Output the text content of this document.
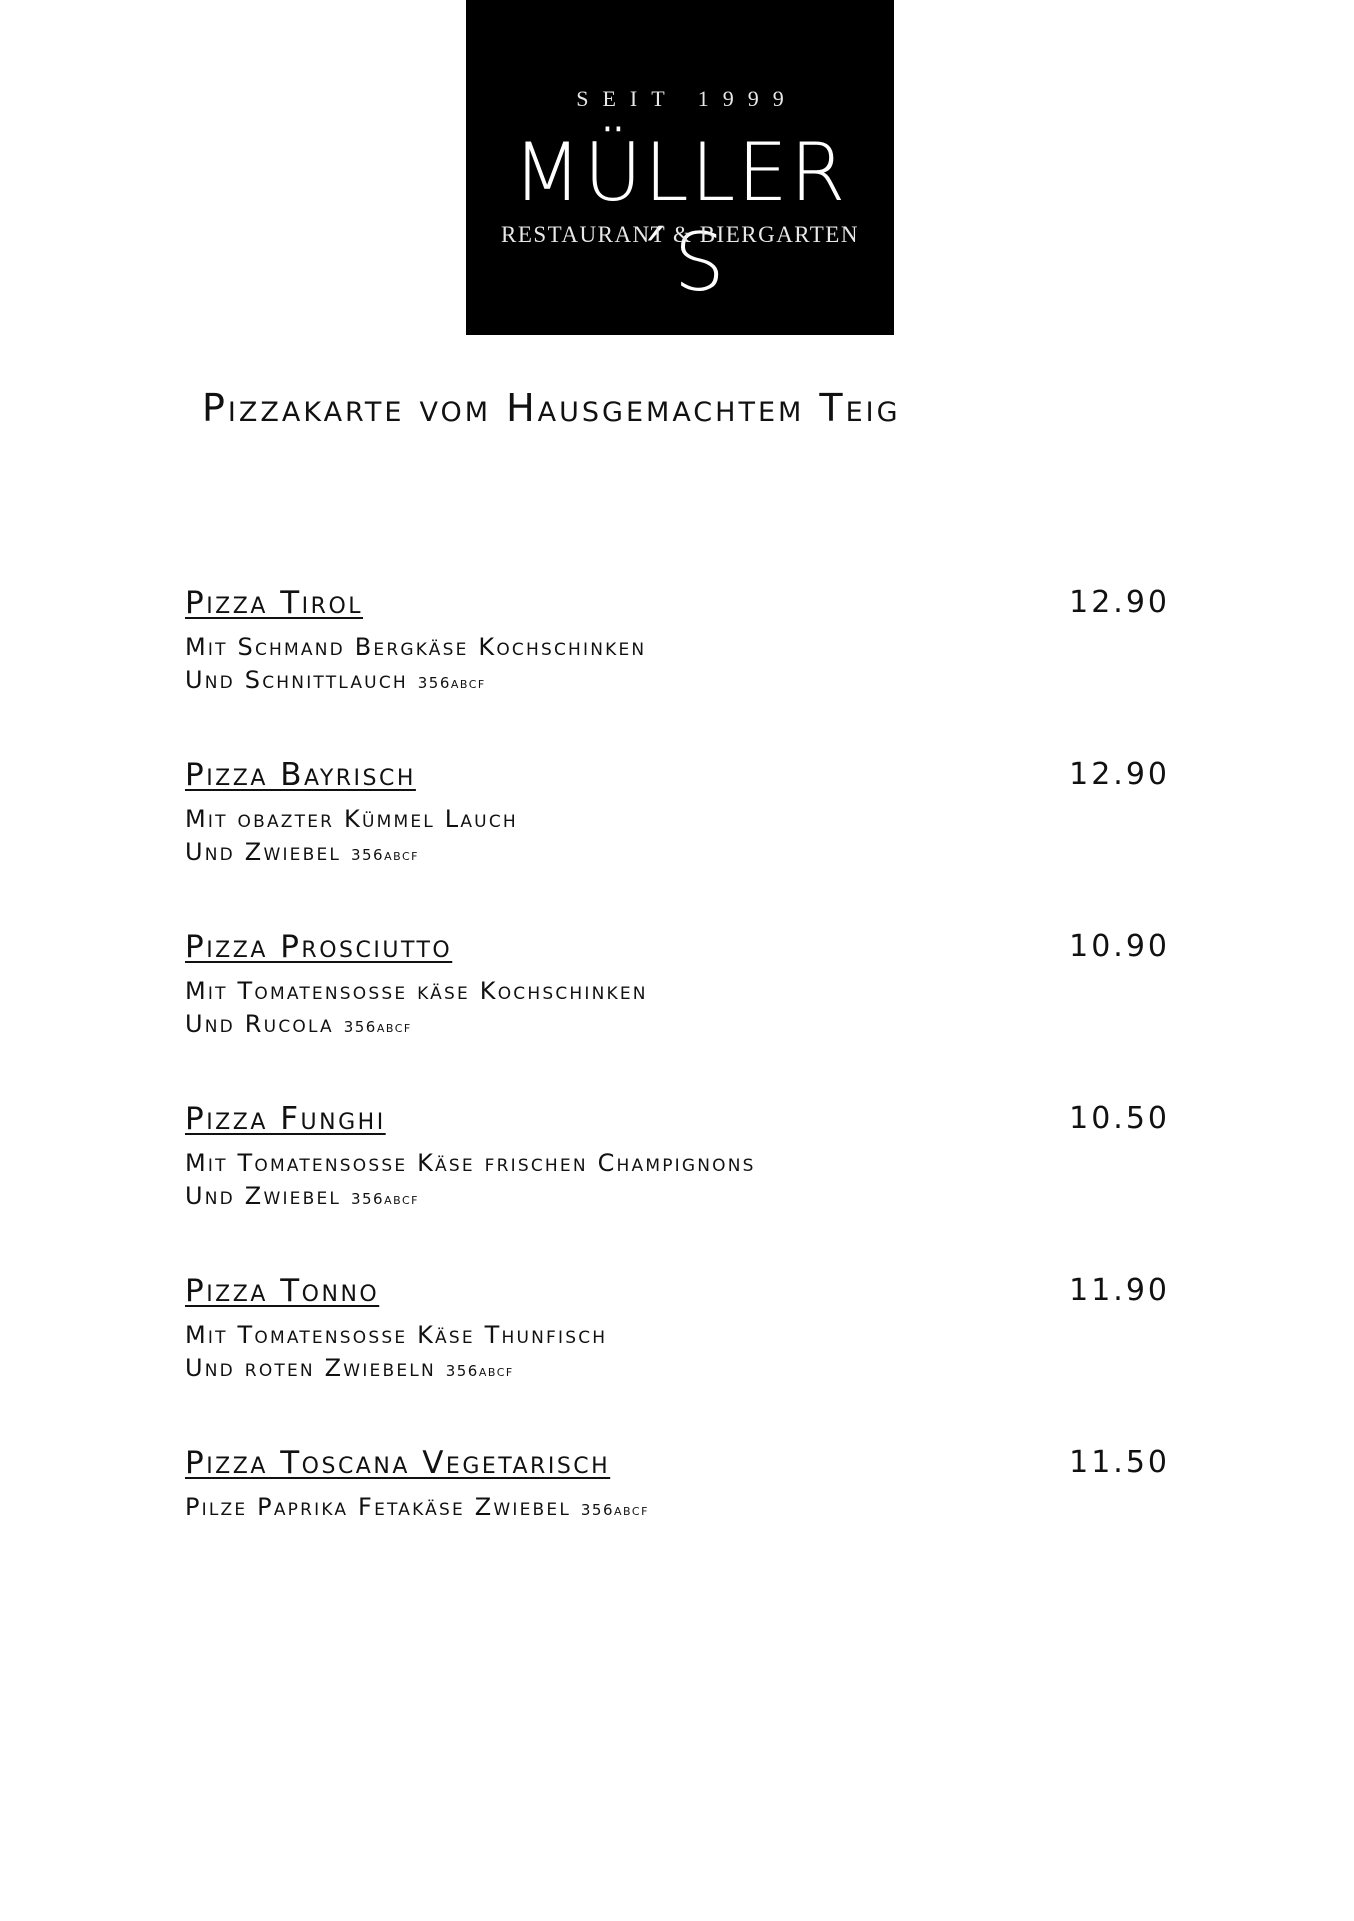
SEIT 1999
MÜLLER´S
RESTAURANT & BIERGARTEN
Pizzakarte vom Hausgemachtem Teig
Pizza Tirol	12.90
Mit Schmand Bergkäse Kochschinken
Und Schnittlauch 356abcf
Pizza Bayrisch	12.90
Mit obazter Kümmel Lauch
Und Zwiebel 356abcf
Pizza Prosciutto	10.90
Mit Tomatensosse käse Kochschinken
Und Rucola 356abcf
Pizza Funghi	10.50
Mit Tomatensosse Käse frischen Champignons
Und Zwiebel 356abcf
Pizza Tonno	11.90
Mit Tomatensosse Käse Thunfisch
Und roten Zwiebeln 356abcf
Pizza Toscana Vegetarisch	11.50
Pilze Paprika Fetakäse Zwiebel 356abcf
